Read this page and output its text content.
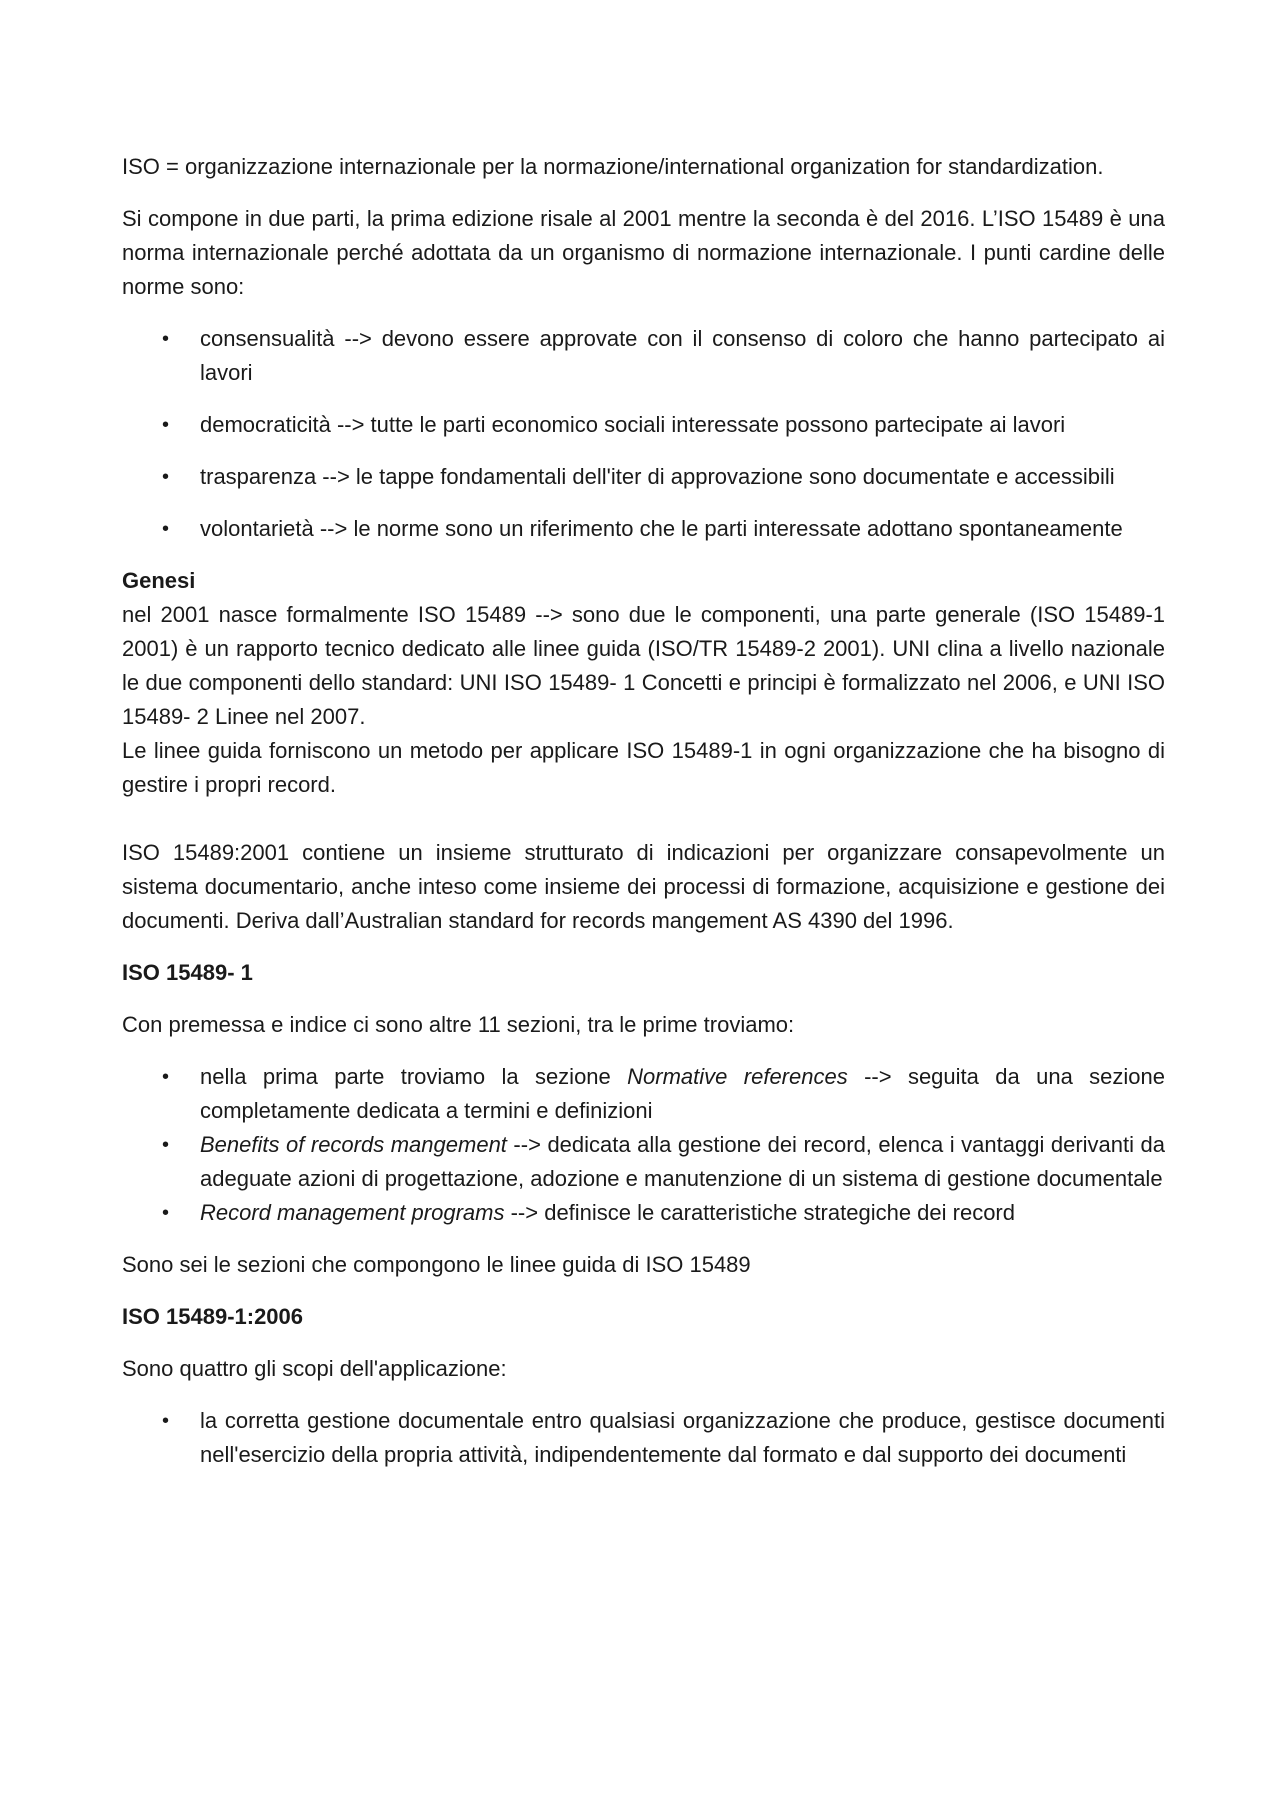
ISO = organizzazione internazionale per la normazione/international organization for standardization.

Si compone in due parti, la prima edizione risale al 2001 mentre la seconda è del 2016. L’ISO 15489 è una norma internazionale perché adottata da un organismo di normazione internazionale. I punti cardine delle norme sono:

• consensualità --> devono essere approvate con il consenso di coloro che hanno partecipato ai lavori
• democraticità --> tutte le parti economico sociali interessate possono partecipate ai lavori
• trasparenza --> le tappe fondamentali dell'iter di approvazione sono documentate e accessibili
• volontarietà --> le norme sono un riferimento che le parti interessate adottano spontaneamente
Genesi

nel 2001 nasce formalmente ISO 15489 --> sono due le componenti, una parte generale (ISO 15489-1 2001) è un rapporto tecnico dedicato alle linee guida (ISO/TR 15489-2 2001). UNI clina a livello nazionale le due componenti dello standard: UNI ISO 15489- 1 Concetti e principi è formalizzato nel 2006, e UNI ISO 15489- 2 Linee nel 2007.

Le linee guida forniscono un metodo per applicare ISO 15489-1 in ogni organizzazione che ha bisogno di gestire i propri record.

ISO 15489:2001 contiene un insieme strutturato di indicazioni per organizzare consapevolmente un sistema documentario, anche inteso come insieme dei processi di formazione, acquisizione e gestione dei documenti. Deriva dall’Australian standard for records mangement AS 4390 del 1996.

ISO 15489- 1

Con premessa e indice ci sono altre 11 sezioni, tra le prime troviamo:

• nella prima parte troviamo la sezione Normative references --> seguita da una sezione completamente dedicata a termini e definizioni
• Benefits of records mangement --> dedicata alla gestione dei record, elenca i vantaggi derivanti da adeguate azioni di progettazione, adozione e manutenzione di un sistema di gestione documentale
• Record management programs --> definisce le caratteristiche strategiche dei record

Sono sei le sezioni che compongono le linee guida di ISO 15489

ISO 15489-1:2006

Sono quattro gli scopi dell'applicazione:

• la corretta gestione documentale entro qualsiasi organizzazione che produce, gestisce documenti nell'esercizio della propria attività, indipendentemente dal formato e dal supporto dei documenti
